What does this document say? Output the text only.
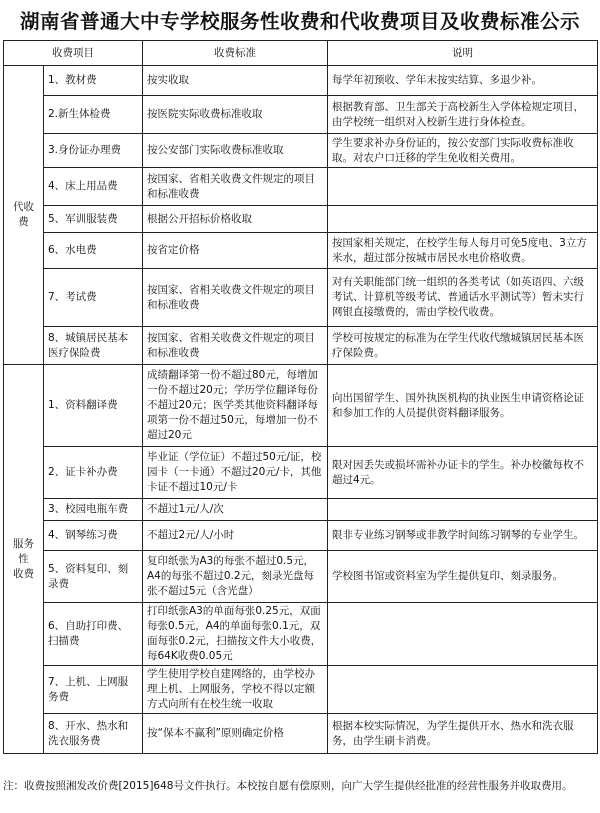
湖南省普通大中专学校服务性收费和代收费项目及收费标准公示
收费项目		收费标准	说明
代收费	1、教材费	按实收取	每学年初预收、学年末按实结算、多退少补。
	2.新生体检费	按医院实际收费标准收取	根据教育部、卫生部关于高校新生入学体检规定项目，由学校统一组织对入校新生进行身体检查。
	3.身份证办理费	按公安部门实际收费标准收取	学生要求补办身份证的，按公安部门实际收费标准收取。对农户口迁移的学生免收相关费用。
	4、床上用品费	按国家、省相关收费文件规定的项目和标准收费	
	5、军训服装费	根据公开招标价格收取	
	6、水电费	按省定价格	按国家相关规定，在校学生每人每月可免5度电、3立方米水，超过部分按城市居民水电价格收费。
	7、考试费	按国家、省相关收费文件规定的项目和标准收费	对有关职能部门统一组织的各类考试（如英语四、六级考试、计算机等级考试、普通话水平测试等）暂未实行网银直接缴费的，需由学校代收费。
	8、城镇居民基本医疗保险费	按国家、省相关收费文件规定的项目和标准收费	学校可按规定的标准为在学生代收代缴城镇居民基本医疗保险费。
服务性
收费	1、资料翻译费	成绩翻译第一份不超过80元，每增加一份不超过20元；学历学位翻译每份不超过20元；医学类其他资料翻译每项第一份不超过50元，每增加一份不超过20元	向出国留学生、国外执医机构的执业医生申请资格论证和参加工作的人员提供资料翻译服务。
	2、证卡补办费	毕业证（学位证）不超过50元/证，校园卡（一卡通）不超过20元/卡，其他卡证不超过10元/卡	限对因丢失或损坏需补办证卡的学生。补办校徽每枚不超过4元。
	3、校园电瓶车费	不超过1元/人/次	
	4、钢琴练习费	不超过2元/人/小时	限非专业练习钢琴或非教学时间练习钢琴的专业学生。
	5、资料复印、刻录费	复印纸张为A3的每张不超过0.5元，A4的每张不超过0.2元，刻录光盘每张不超过5元（含光盘）	学校图书馆或资料室为学生提供复印、刻录服务。
	6、自助打印费、扫描费	打印纸张A3的单面每张0.25元，双面每张0.5元，A4的单面每张0.1元，双面每张0.2元，扫描按文件大小收费，每64K收费0.05元	
	7、上机、上网服务费	学生使用学校自建网络的，由学校办理上机、上网服务，学校不得以定额方式向所有在校生统一收取	
	8、开水、热水和洗衣服务费	按“保本不赢利”原则确定价格	根据本校实际情况，为学生提供开水、热水和洗衣服务，由学生刷卡消费。
注：收费按照湘发改价费[2015]648号文件执行。本校按自愿有偿原则，向广大学生提供经批准的经营性服务并收取费用。
